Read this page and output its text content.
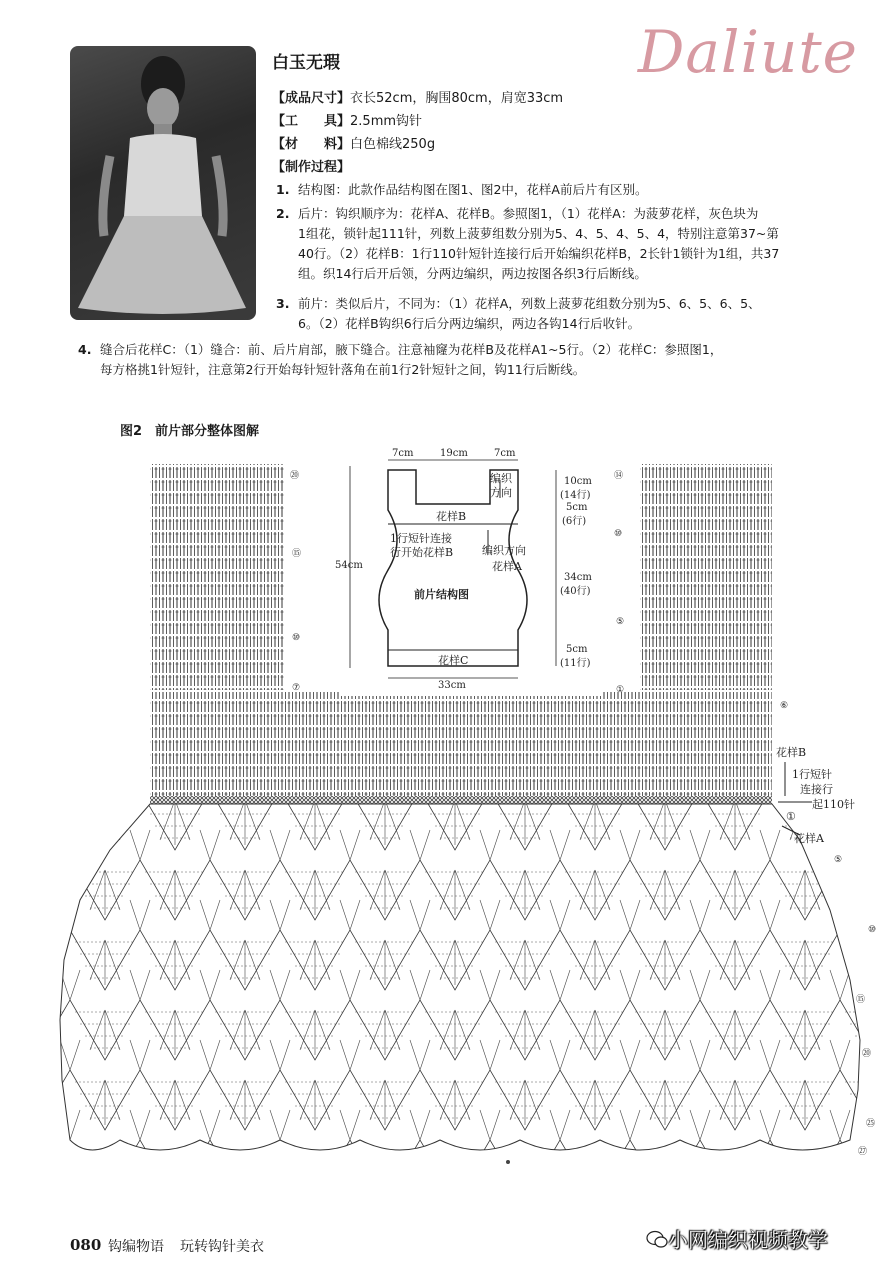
Daliute
白玉无瑕
【成品尺寸】衣长52cm，胸围80cm，肩宽33cm
【工　　具】2.5mm钩针
【材　　料】白色棉线250g
【制作过程】
1. 结构图：此款作品结构图在图1、图2中，花样A前后片有区别。
2. 后片：钩织顺序为：花样A、花样B。参照图1，（1）花样A：为菠萝花样，灰色块为
1组花，锁针起111针，列数上菠萝组数分别为5、4、5、4、5、4，特别注意第37~第
40行。（2）花样B：1行110针短针连接行后开始编织花样B，2长针1锁针为1组，共37
组。织14行后开后领，分两边编织，两边按图各织3行后断线。
3. 前片：类似后片，不同为：（1）花样A，列数上菠萝花组数分别为5、6、5、6、5、
6。（2）花样B钩织6行后分两边编织，两边各钩14行后收针。
4. 缝合后花样C：（1）缝合：前、后片肩部，腋下缝合。注意袖窿为花样B及花样A1~5行。（2）花样C：参照图1，
每方格挑1针短针，注意第2行开始每针短针落角在前1行2针短针之间，钩11行后断线。
图2　前片部分整体图解
⑳
⑮
⑩
⑦
⑭
⑩
⑤
①
⑥
花样B
1行短针
连接行
起110针
①
花样A
⑤
⑩
⑮
⑳
㉕
㉗
7cm	19cm	7cm
54cm
33cm
10cm
(14行)
5cm
(6行)
34cm
(40行)
5cm
(11行)
花样B
花样C
编织
方向
1行短针连接
行开始花样B	编织方向
花样A
前片结构图
080 钩编物语 玩转钩针美衣	小网编织视频教学
